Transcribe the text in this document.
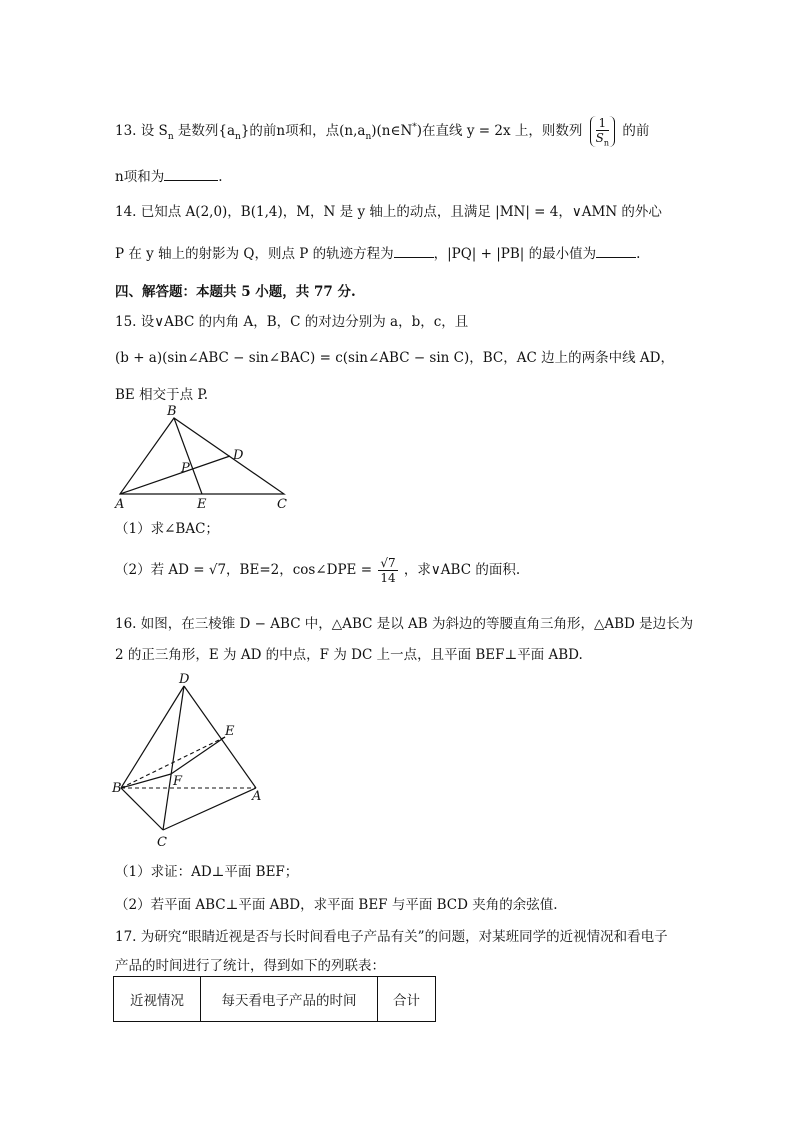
13. 设 $S_n$ 是数列$\{a_n\}$的前n项和，点$(n,a_n)(n\in N^*)$在直线 y = 2x 上，则数列 $\frac{1}{S_n}$ 的前
n项和为	.
14. 已知点 A(2,0)，B(1,4)，M，N 是 y 轴上的动点，且满足 |MN| = 4，∨AMN 的外心
P 在 y 轴上的射影为 Q，则点 P 的轨迹方程为	，|PQ| + |PB| 的最小值为	.
四、解答题：本题共 5 小题，共 77 分.
15. 设∨ABC 的内角 A，B，C 的对边分别为 a，b，c，且
(b + a)(sin∠ABC − sin∠BAC) = c(sin∠ABC − sin C)，BC，AC 边上的两条中线 AD，
BE 相交于点 P.
B
D
P
A	E	C
（1）求∠BAC；
（2）若 AD = √7，BE=2，cos∠DPE = $\frac{√7}{14}$ ，求∨ABC 的面积.
16. 如图，在三棱锥 D − ABC 中，△ABC 是以 AB 为斜边的等腰直角三角形，△ABD 是边长为
2 的正三角形，E 为 AD 的中点，F 为 DC 上一点，且平面 BEF⊥平面 ABD.
D
E
F
B
A
C
（1）求证：AD⊥平面 BEF；
（2）若平面 ABC⊥平面 ABD，求平面 BEF 与平面 BCD 夹角的余弦值.
17. 为研究“眼睛近视是否与长时间看电子产品有关”的问题，对某班同学的近视情况和看电子
产品的时间进行了统计，得到如下的列联表：
近视情况	每天看电子产品的时间	合计
